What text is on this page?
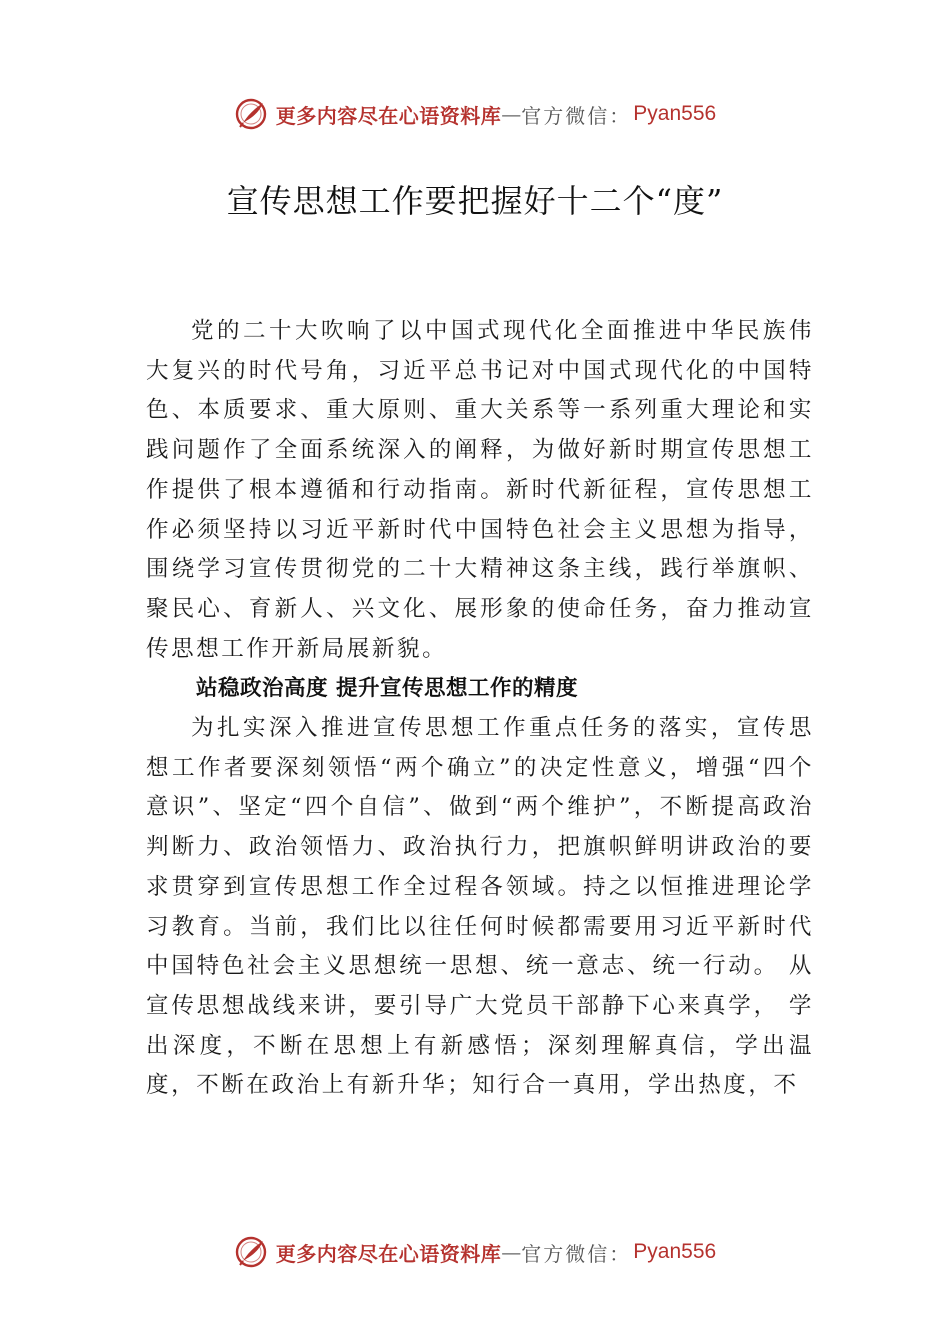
更多内容尽在心语资料库 — 官方微信： Pyan556
宣传思想工作要把握好十二个“度”

党的二十大吹响了以中国式现代化全面推进中华民族伟大复兴的时代号角，习近平总书记对中国式现代化的中国特色、本质要求、重大原则、重大关系等一系列重大理论和实践问题作了全面系统深入的阐释，为做好新时期宣传思想工作提供了根本遵循和行动指南。新时代新征程，宣传思想工作必须坚持以习近平新时代中国特色社会主义思想为指导，围绕学习宣传贯彻党的二十大精神这条主线，践行举旗帜、聚民心、育新人、兴文化、展形象的使命任务，奋力推动宣传思想工作开新局展新貌。

站稳政治高度 提升宣传思想工作的精度

为扎实深入推进宣传思想工作重点任务的落实，宣传思想工作者要深刻领悟“两个确立”的决定性意义，增强“四个意识”、坚定“四个自信”、做到“两个维护”，不断提高政治判断力、政治领悟力、政治执行力，把旗帜鲜明讲政治的要求贯穿到宣传思想工作全过程各领域。持之以恒推进理论学习教育。当前，我们比以往任何时候都需要用习近平新时代中国特色社会主义思想统一思想、统一意志、统一行动。 从宣传思想战线来讲，要引导广大党员干部静下心来真学， 学出深度，不断在思想上有新感悟；深刻理解真信，学出温度，不断在政治上有新升华；知行合一真用，学出热度，不

更多内容尽在心语资料库 — 官方微信： Pyan556
